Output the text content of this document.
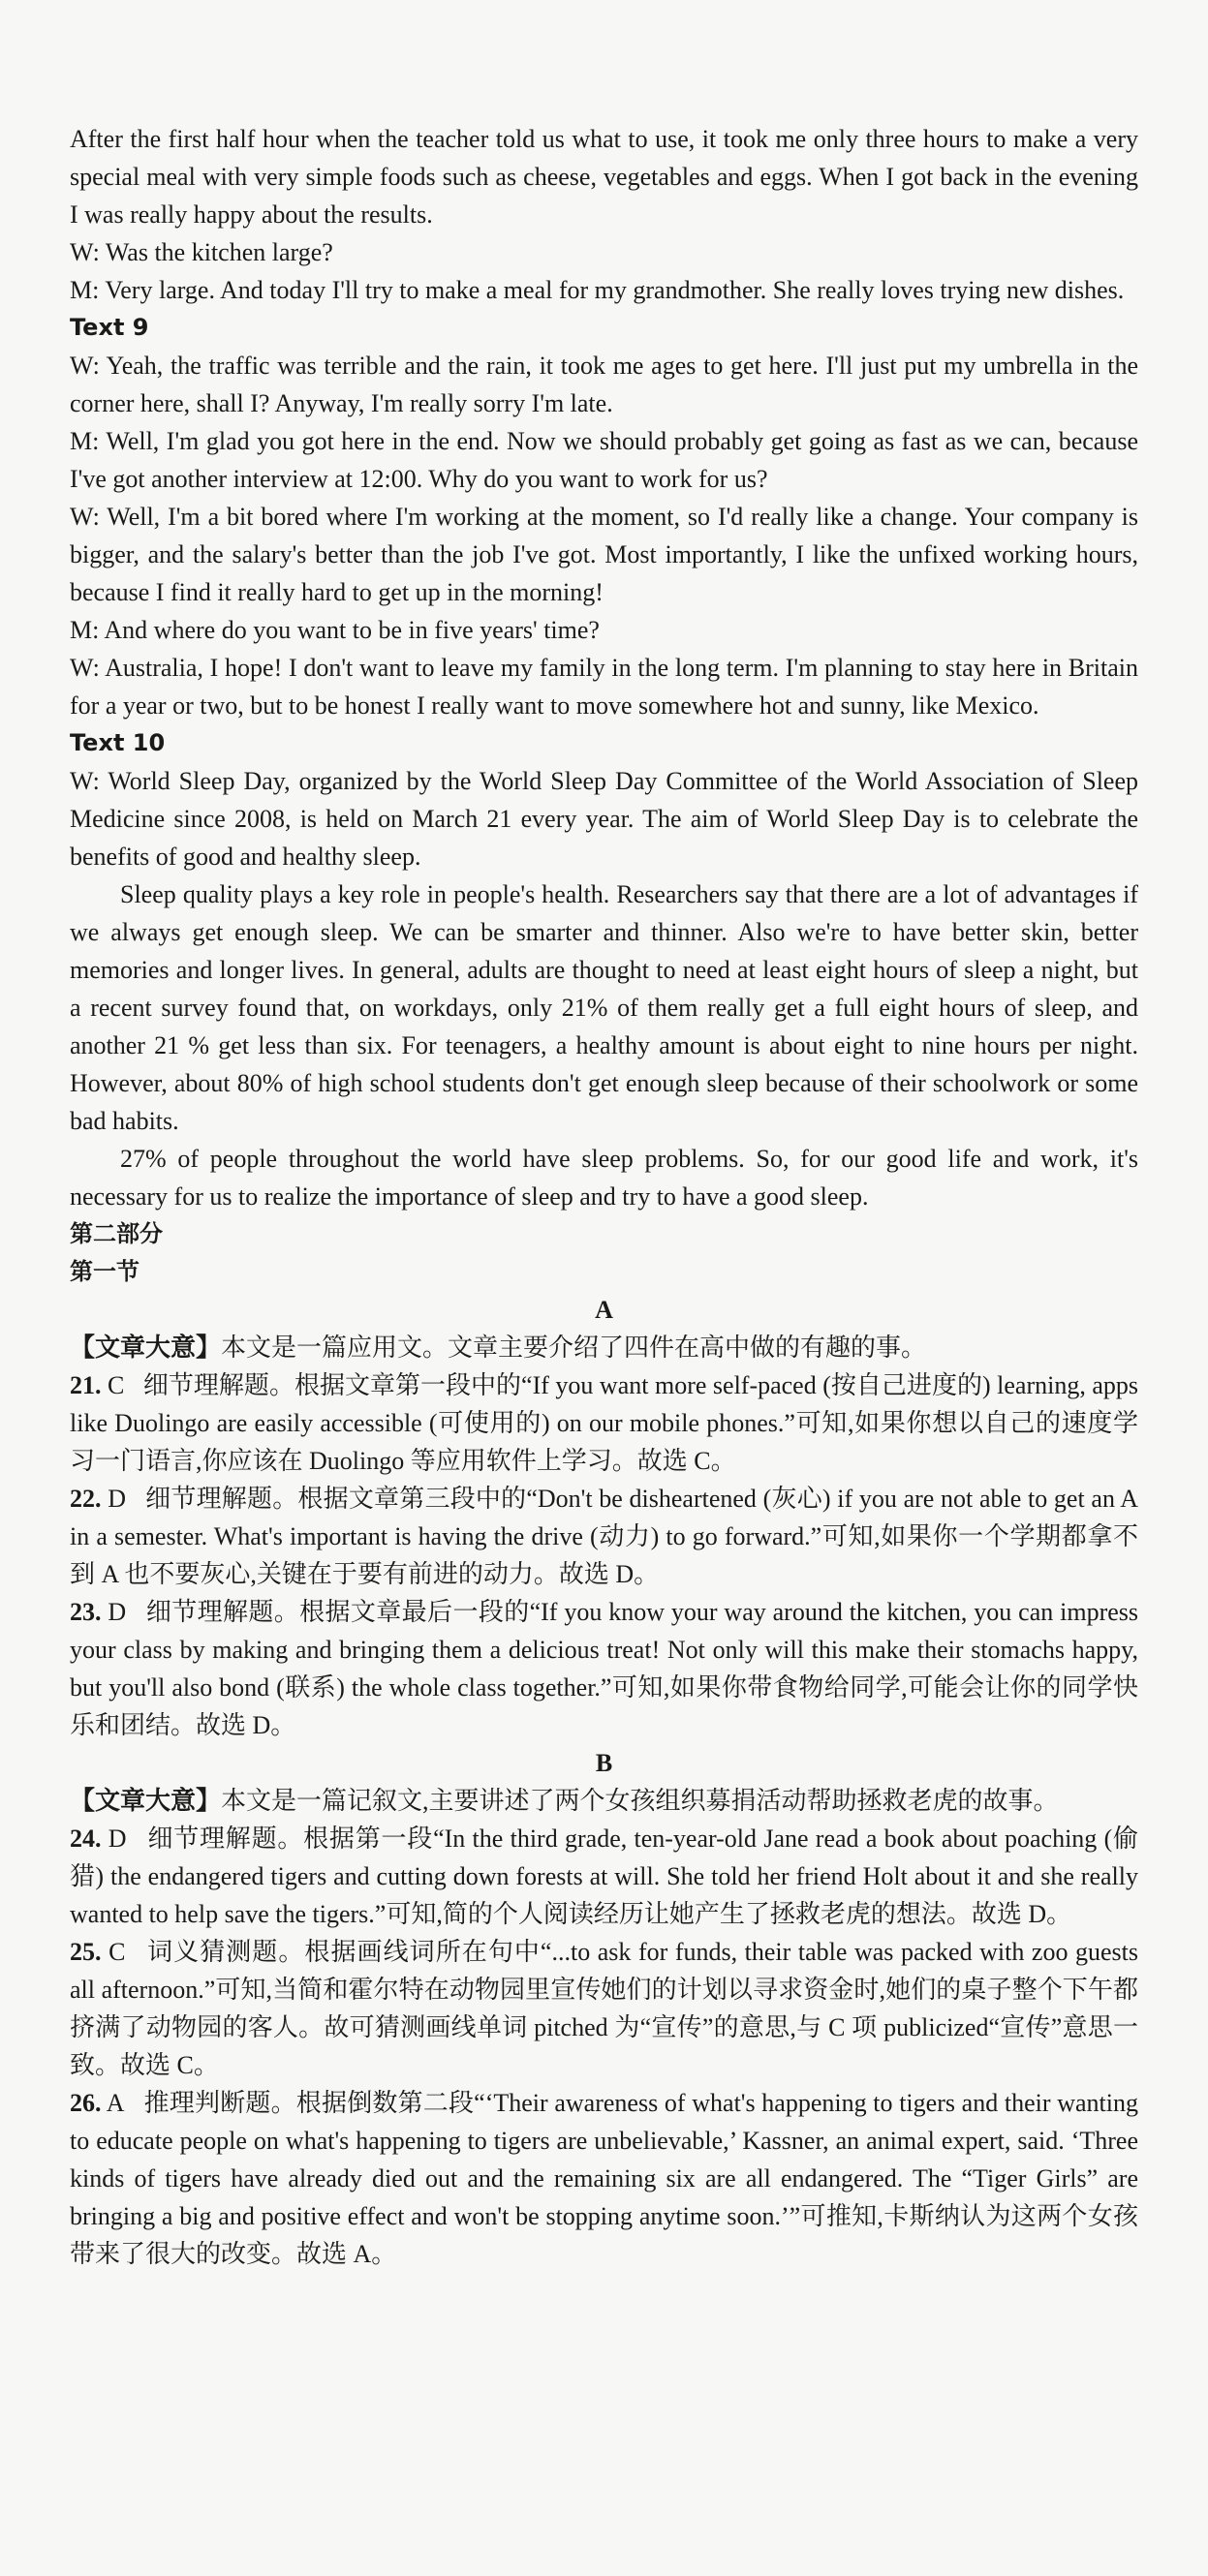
After the first half hour when the teacher told us what to use, it took me only three hours to make a very special meal with very simple foods such as cheese, vegetables and eggs. When I got back in the evening I was really happy about the results.

W: Was the kitchen large?

M: Very large. And today I'll try to make a meal for my grandmother. She really loves trying new dishes.

Text 9

W: Yeah, the traffic was terrible and the rain, it took me ages to get here. I'll just put my umbrella in the corner here, shall I? Anyway, I'm really sorry I'm late.

M: Well, I'm glad you got here in the end. Now we should probably get going as fast as we can, because I've got another interview at 12:00. Why do you want to work for us?

W: Well, I'm a bit bored where I'm working at the moment, so I'd really like a change. Your company is bigger, and the salary's better than the job I've got. Most importantly, I like the unfixed working hours, because I find it really hard to get up in the morning!

M: And where do you want to be in five years' time?

W: Australia, I hope! I don't want to leave my family in the long term. I'm planning to stay here in Britain for a year or two, but to be honest I really want to move somewhere hot and sunny, like Mexico.

Text 10

W: World Sleep Day, organized by the World Sleep Day Committee of the World Association of Sleep Medicine since 2008, is held on March 21 every year. The aim of World Sleep Day is to celebrate the benefits of good and healthy sleep.

Sleep quality plays a key role in people's health. Researchers say that there are a lot of advantages if we always get enough sleep. We can be smarter and thinner. Also we're to have better skin, better memories and longer lives. In general, adults are thought to need at least eight hours of sleep a night, but a recent survey found that, on workdays, only 21% of them really get a full eight hours of sleep, and another 21 % get less than six. For teenagers, a healthy amount is about eight to nine hours per night. However, about 80% of high school students don't get enough sleep because of their schoolwork or some bad habits.

27% of people throughout the world have sleep problems. So, for our good life and work, it's necessary for us to realize the importance of sleep and try to have a good sleep.

第二部分

第一节

A

【文章大意】本文是一篇应用文。文章主要介绍了四件在高中做的有趣的事。

21. C 细节理解题。根据文章第一段中的“If you want more self-paced (按自己进度的) learning, apps like Duolingo are easily accessible (可使用的) on our mobile phones.”可知,如果你想以自己的速度学习一门语言,你应该在 Duolingo 等应用软件上学习。故选 C。

22. D 细节理解题。根据文章第三段中的“Don't be disheartened (灰心) if you are not able to get an A in a semester. What's important is having the drive (动力) to go forward.”可知,如果你一个学期都拿不到 A 也不要灰心,关键在于要有前进的动力。故选 D。

23. D 细节理解题。根据文章最后一段的“If you know your way around the kitchen, you can impress your class by making and bringing them a delicious treat! Not only will this make their stomachs happy, but you'll also bond (联系) the whole class together.”可知,如果你带食物给同学,可能会让你的同学快乐和团结。故选 D。

B

【文章大意】本文是一篇记叙文,主要讲述了两个女孩组织募捐活动帮助拯救老虎的故事。

24. D 细节理解题。根据第一段“In the third grade, ten-year-old Jane read a book about poaching (偷猎) the endangered tigers and cutting down forests at will. She told her friend Holt about it and she really wanted to help save the tigers.”可知,简的个人阅读经历让她产生了拯救老虎的想法。故选 D。

25. C 词义猜测题。根据画线词所在句中“...to ask for funds, their table was packed with zoo guests all afternoon.”可知,当简和霍尔特在动物园里宣传她们的计划以寻求资金时,她们的桌子整个下午都挤满了动物园的客人。故可猜测画线单词 pitched 为“宣传”的意思,与 C 项 publicized“宣传”意思一致。故选 C。

26. A 推理判断题。根据倒数第二段“‘Their awareness of what's happening to tigers and their wanting to educate people on what's happening to tigers are unbelievable,’ Kassner, an animal expert, said. ‘Three kinds of tigers have already died out and the remaining six are all endangered. The “Tiger Girls” are bringing a big and positive effect and won't be stopping anytime soon.’”可推知,卡斯纳认为这两个女孩带来了很大的改变。故选 A。
